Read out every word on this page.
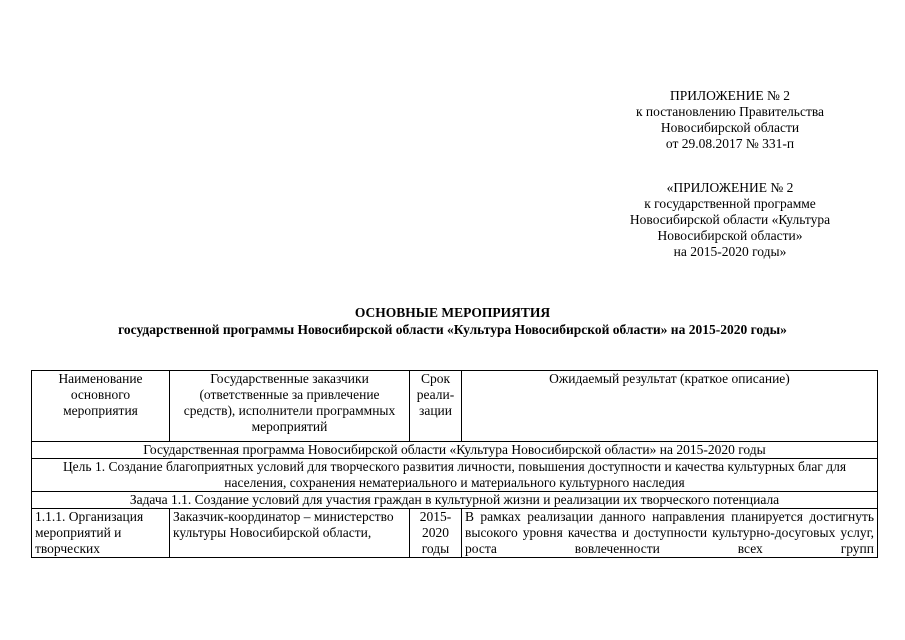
ПРИЛОЖЕНИЕ № 2
к постановлению Правительства
Новосибирской области
от 29.08.2017 № 331-п
«ПРИЛОЖЕНИЕ № 2
к государственной программе
Новосибирской области «Культура
Новосибирской области»
на 2015-2020 годы»
ОСНОВНЫЕ МЕРОПРИЯТИЯ
государственной программы Новосибирской области «Культура Новосибирской области» на 2015-2020 годы»
Наименование основного мероприятия	Государственные заказчики (ответственные за привлечение средств), исполнители программных мероприятий	Срок реали-зации	Ожидаемый результат (краткое описание)
Государственная программа Новосибирской области «Культура Новосибирской области» на 2015-2020 годы			
Цель 1. Создание благоприятных условий для творческого развития личности, повышения доступности и качества культурных благ для населения, сохранения нематериального и материального культурного наследия			
Задача 1.1. Создание условий для участия граждан в культурной жизни и реализации их творческого потенциала			
1.1.1. Организация мероприятий и творческих	Заказчик-координатор – министерство культуры Новосибирской области,	2015-2020 годы	В рамках реализации данного направления планируется достигнуть высокого уровня качества и доступности культурно-досуговых услуг, роста вовлеченности всех групп
